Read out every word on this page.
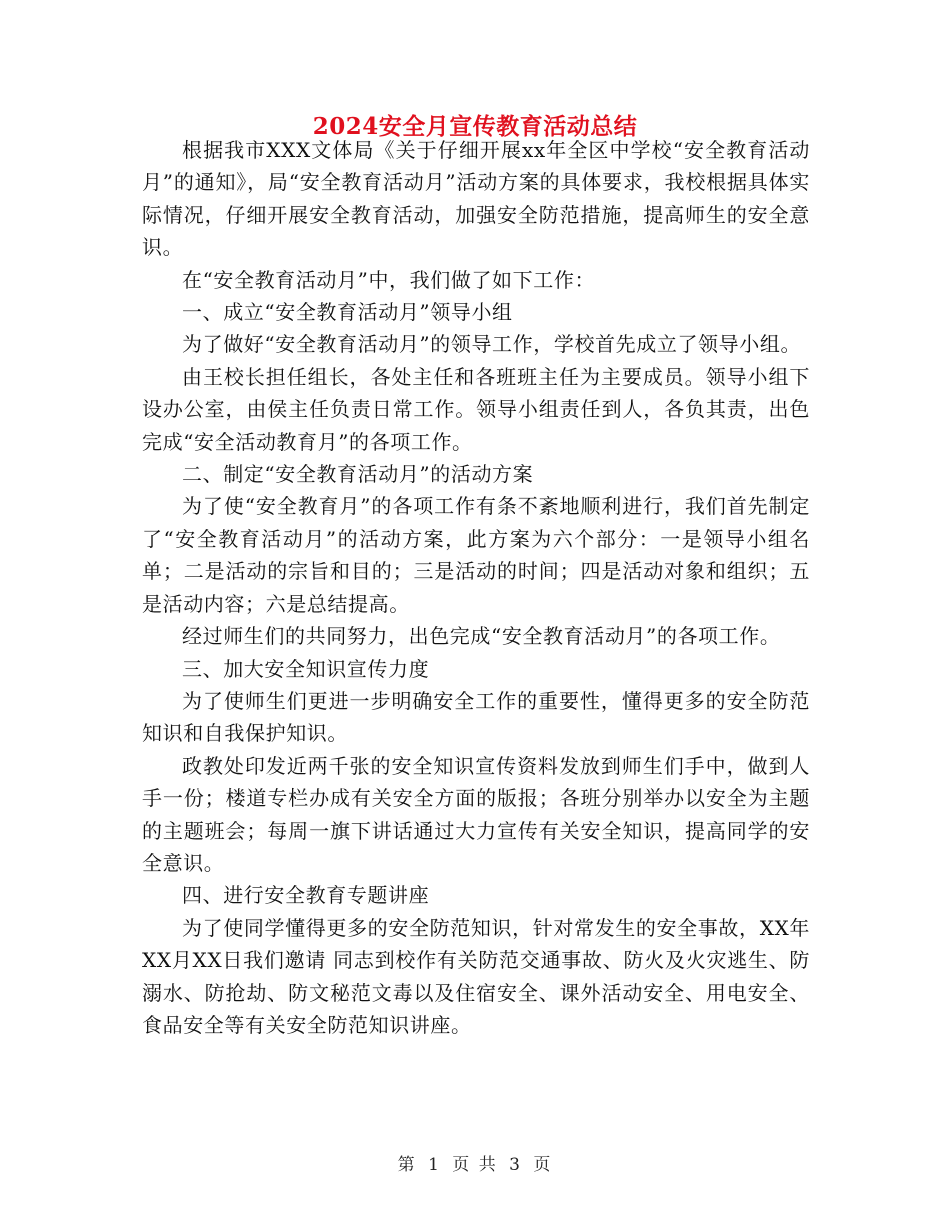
2024安全月宣传教育活动总结

根据我市XXX文体局《关于仔细开展xx年全区中学校“安全教育活动月”的通知》，局“安全教育活动月”活动方案的具体要求，我校根据具体实际情况，仔细开展安全教育活动，加强安全防范措施，提高师生的安全意识。

在“安全教育活动月”中，我们做了如下工作：

一、成立“安全教育活动月”领导小组

为了做好“安全教育活动月”的领导工作，学校首先成立了领导小组。

由王校长担任组长，各处主任和各班班主任为主要成员。领导小组下设办公室，由侯主任负责日常工作。领导小组责任到人，各负其责，出色完成“安全活动教育月”的各项工作。

二、制定“安全教育活动月”的活动方案

为了使“安全教育月”的各项工作有条不紊地顺利进行，我们首先制定了“安全教育活动月”的活动方案，此方案为六个部分：一是领导小组名单；二是活动的宗旨和目的；三是活动的时间；四是活动对象和组织；五是活动内容；六是总结提高。

经过师生们的共同努力，出色完成“安全教育活动月”的各项工作。

三、加大安全知识宣传力度

为了使师生们更进一步明确安全工作的重要性，懂得更多的安全防范知识和自我保护知识。

政教处印发近两千张的安全知识宣传资料发放到师生们手中，做到人手一份；楼道专栏办成有关安全方面的版报；各班分别举办以安全为主题的主题班会；每周一旗下讲话通过大力宣传有关安全知识，提高同学的安全意识。

四、进行安全教育专题讲座

为了使同学懂得更多的安全防范知识，针对常发生的安全事故，XX年XX月XX日我们邀请 同志到校作有关防范交通事故、防火及火灾逃生、防溺水、防抢劫、防文秘范文毒以及住宿安全、课外活动安全、用电安全、食品安全等有关安全防范知识讲座。

第 1 页 共 3 页
